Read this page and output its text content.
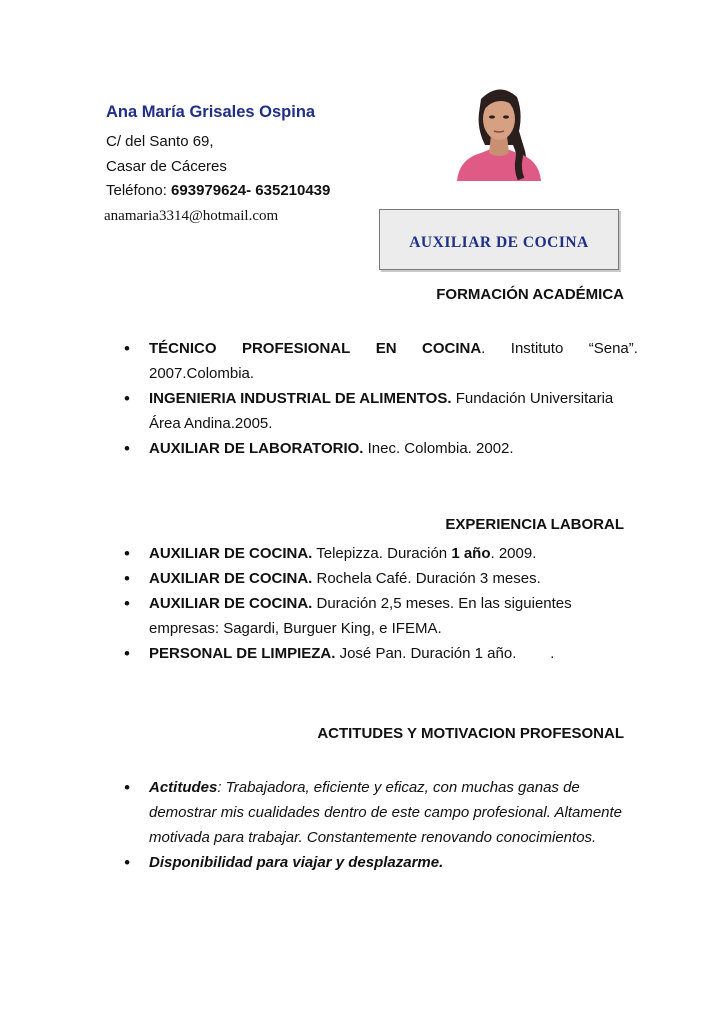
Ana María Grisales Ospina
C/ del Santo 69,
Casar de Cáceres
Teléfono: 693979624- 635210439
anamaria3314@hotmail.com
AUXILIAR DE COCINA
FORMACIÓN ACADÉMICA
• TÉCNICO PROFESIONAL EN COCINA. Instituto “Sena”.
2007.Colombia.
• INGENIERIA INDUSTRIAL DE ALIMENTOS. Fundación Universitaria
Área Andina.2005.
• AUXILIAR DE LABORATORIO. Inec. Colombia. 2002.
EXPERIENCIA LABORAL
• AUXILIAR DE COCINA. Telepizza. Duración 1 año. 2009.
• AUXILIAR DE COCINA. Rochela Café. Duración 3 meses.
• AUXILIAR DE COCINA. Duración 2,5 meses. En las siguientes
empresas: Sagardi, Burguer King, e IFEMA.
• PERSONAL DE LIMPIEZA. José Pan. Duración 1 año. .
ACTITUDES Y MOTIVACION PROFESONAL
• Actitudes: Trabajadora, eficiente y eficaz, con muchas ganas de
demostrar mis cualidades dentro de este campo profesional. Altamente
motivada para trabajar. Constantemente renovando conocimientos.
• Disponibilidad para viajar y desplazarme.
